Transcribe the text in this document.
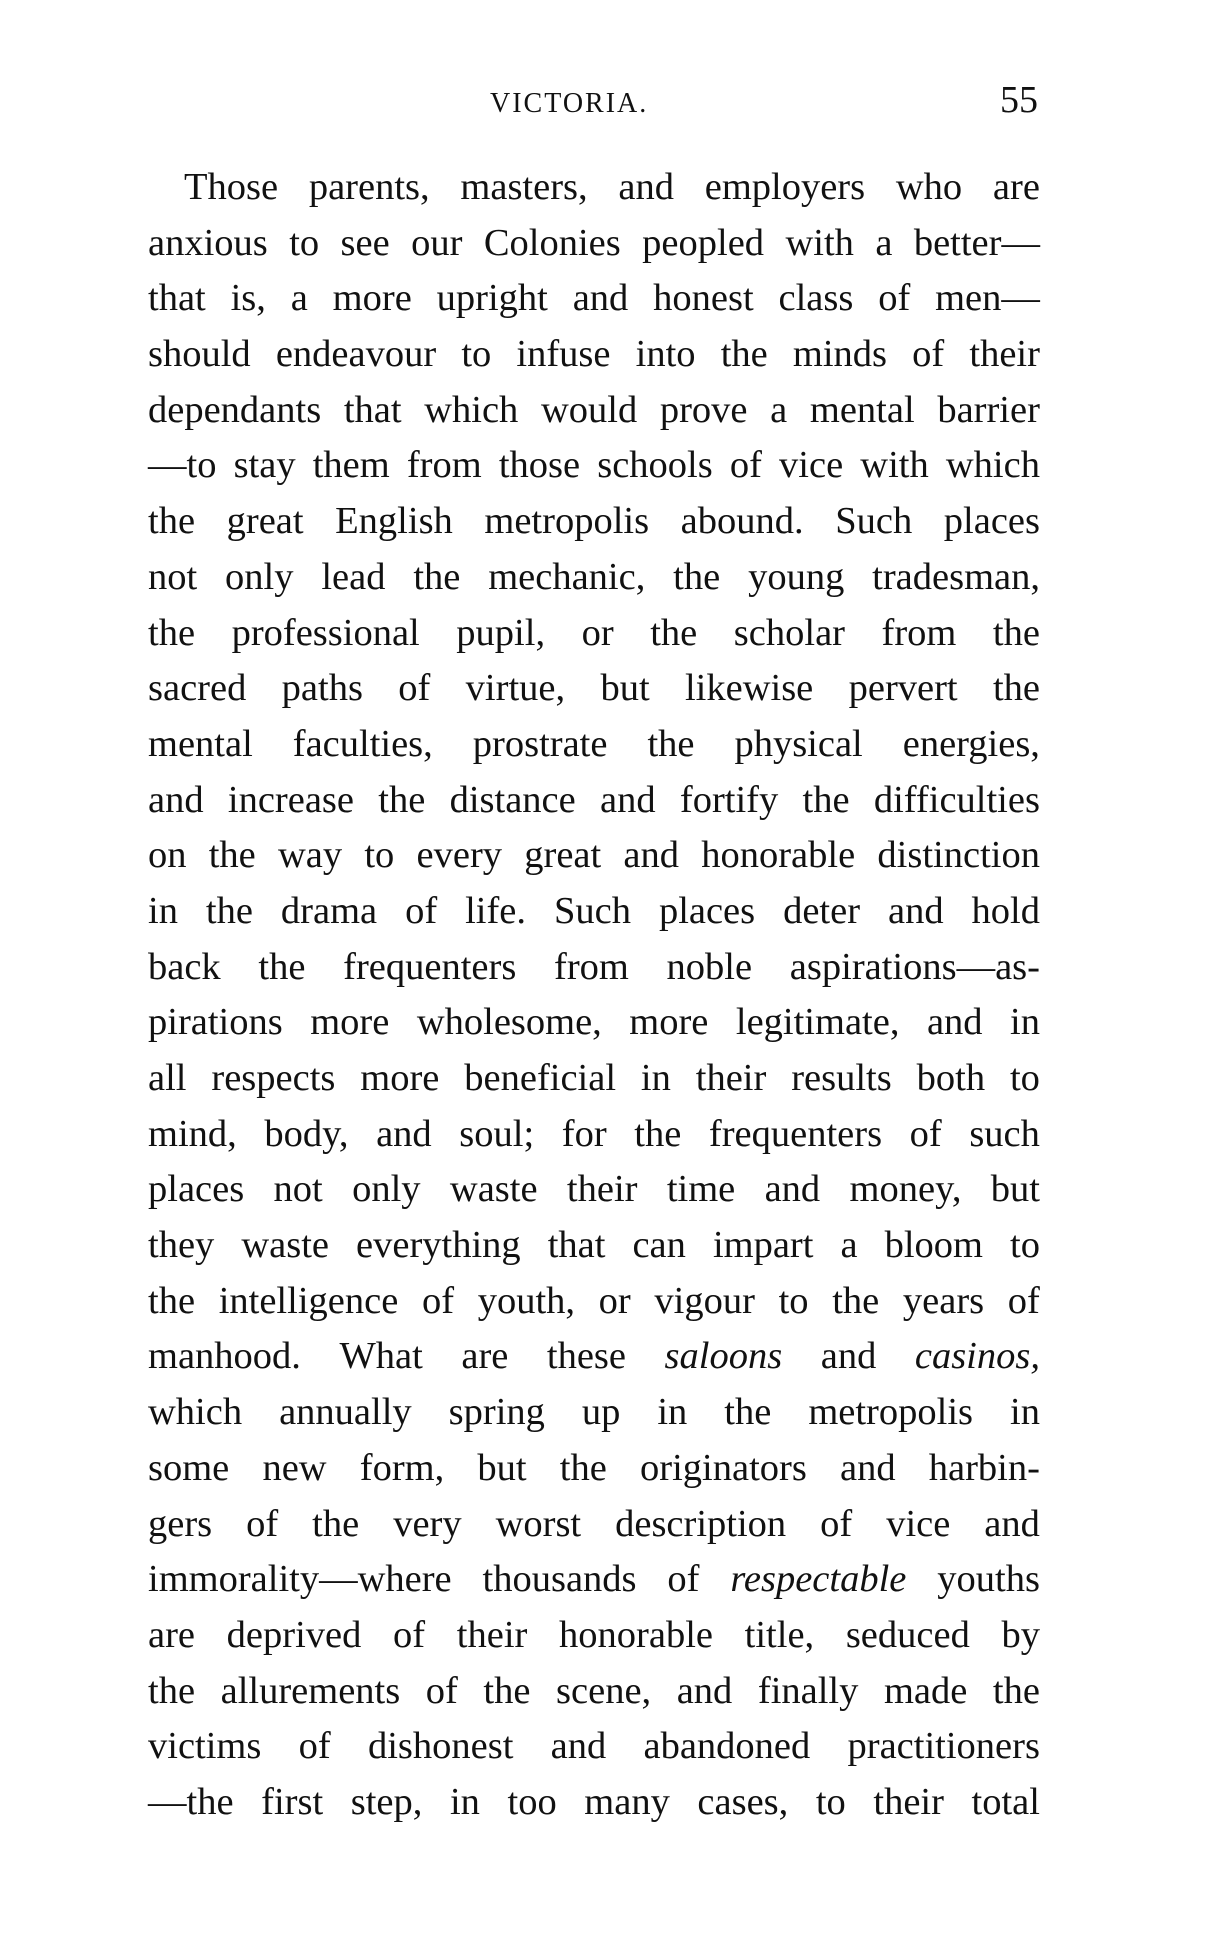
VICTORIA.	55
Those parents, masters, and employers who are
anxious to see our Colonies peopled with a better—
that is, a more upright and honest class of men—
should endeavour to infuse into the minds of their
dependants that which would prove a mental barrier
—to stay them from those schools of vice with which
the great English metropolis abound. Such places
not only lead the mechanic, the young tradesman,
the professional pupil, or the scholar from the
sacred paths of virtue, but likewise pervert the
mental faculties, prostrate the physical energies,
and increase the distance and fortify the difficulties
on the way to every great and honorable distinction
in the drama of life. Such places deter and hold
back the frequenters from noble aspirations—as-
pirations more wholesome, more legitimate, and in
all respects more beneficial in their results both to
mind, body, and soul; for the frequenters of such
places not only waste their time and money, but
they waste everything that can impart a bloom to
the intelligence of youth, or vigour to the years of
manhood. What are these saloons and casinos,
which annually spring up in the metropolis in
some new form, but the originators and harbin-
gers of the very worst description of vice and
immorality—where thousands of respectable youths
are deprived of their honorable title, seduced by
the allurements of the scene, and finally made the
victims of dishonest and abandoned practitioners
—the first step, in too many cases, to their total
